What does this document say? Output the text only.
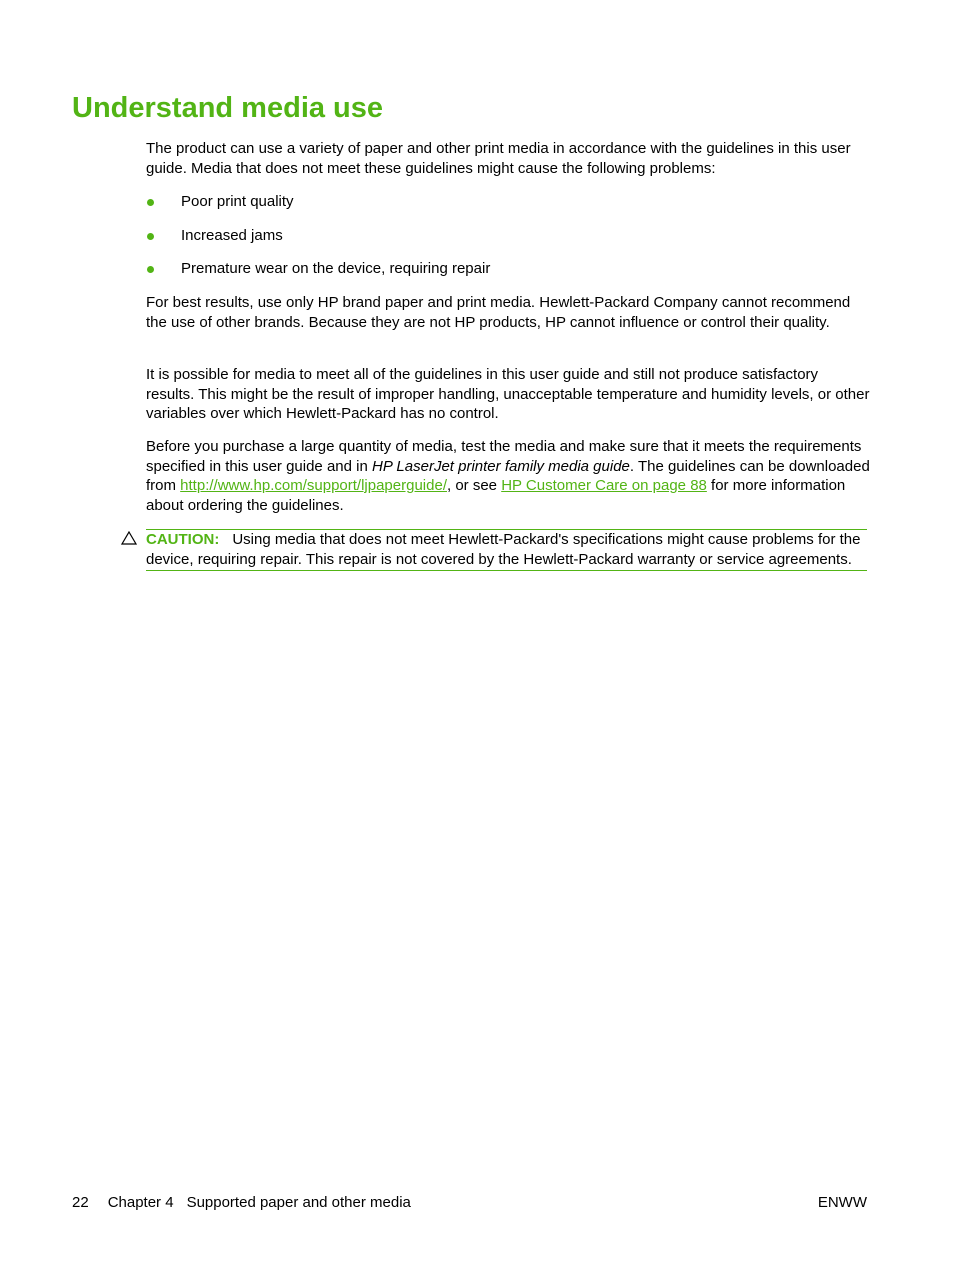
Understand media use

The product can use a variety of paper and other print media in accordance with the guidelines in this user guide. Media that does not meet these guidelines might cause the following problems:

Poor print quality
Increased jams
Premature wear on the device, requiring repair

For best results, use only HP brand paper and print media. Hewlett-Packard Company cannot recommend the use of other brands. Because they are not HP products, HP cannot influence or control their quality.

It is possible for media to meet all of the guidelines in this user guide and still not produce satisfactory results. This might be the result of improper handling, unacceptable temperature and humidity levels, or other variables over which Hewlett-Packard has no control.

Before you purchase a large quantity of media, test the media and make sure that it meets the requirements specified in this user guide and in HP LaserJet printer family media guide. The guidelines can be downloaded from http://www.hp.com/support/ljpaperguide/, or see HP Customer Care on page 88 for more information about ordering the guidelines.

CAUTION: Using media that does not meet Hewlett-Packard's specifications might cause problems for the device, requiring repair. This repair is not covered by the Hewlett-Packard warranty or service agreements.
22 Chapter 4 Supported paper and other media	ENWW
